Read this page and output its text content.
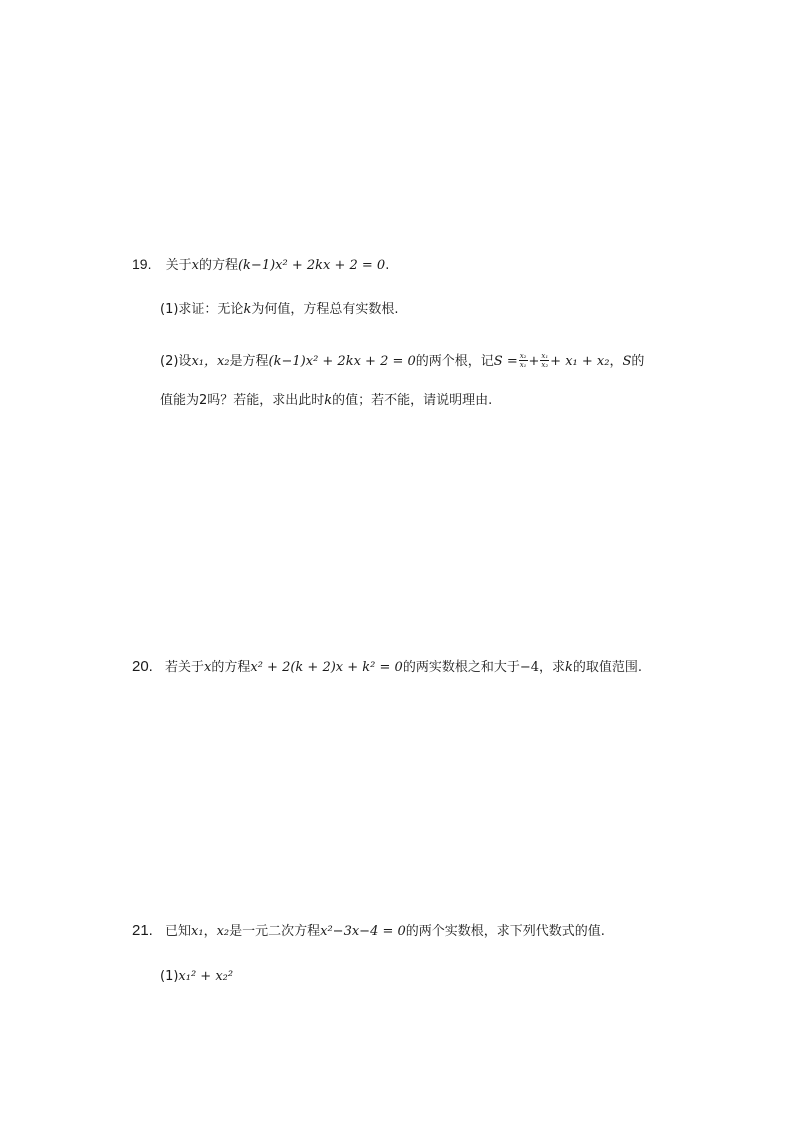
19. 关于x的方程(k−1)x² + 2kx + 2 = 0.
(1)求证：无论k为何值，方程总有实数根.
(2)设x₁，x₂是方程(k−1)x² + 2kx + 2 = 0的两个根，记$S = \frac{\text{x₂}}{\text{x₁}} + \frac{\text{x₁}}{\text{x₂}} + x_1 + x_2$，S的
值能为2吗？若能，求出此时k的值；若不能，请说明理由.
20. 若关于x的方程x² + 2(k + 2)x + k² = 0的两实数根之和大于−4，求k的取值范围.
21. 已知x₁，x₂是一元二次方程x²−3x−4 = 0的两个实数根，求下列代数式的值.
(1)x₁² + x₂²
